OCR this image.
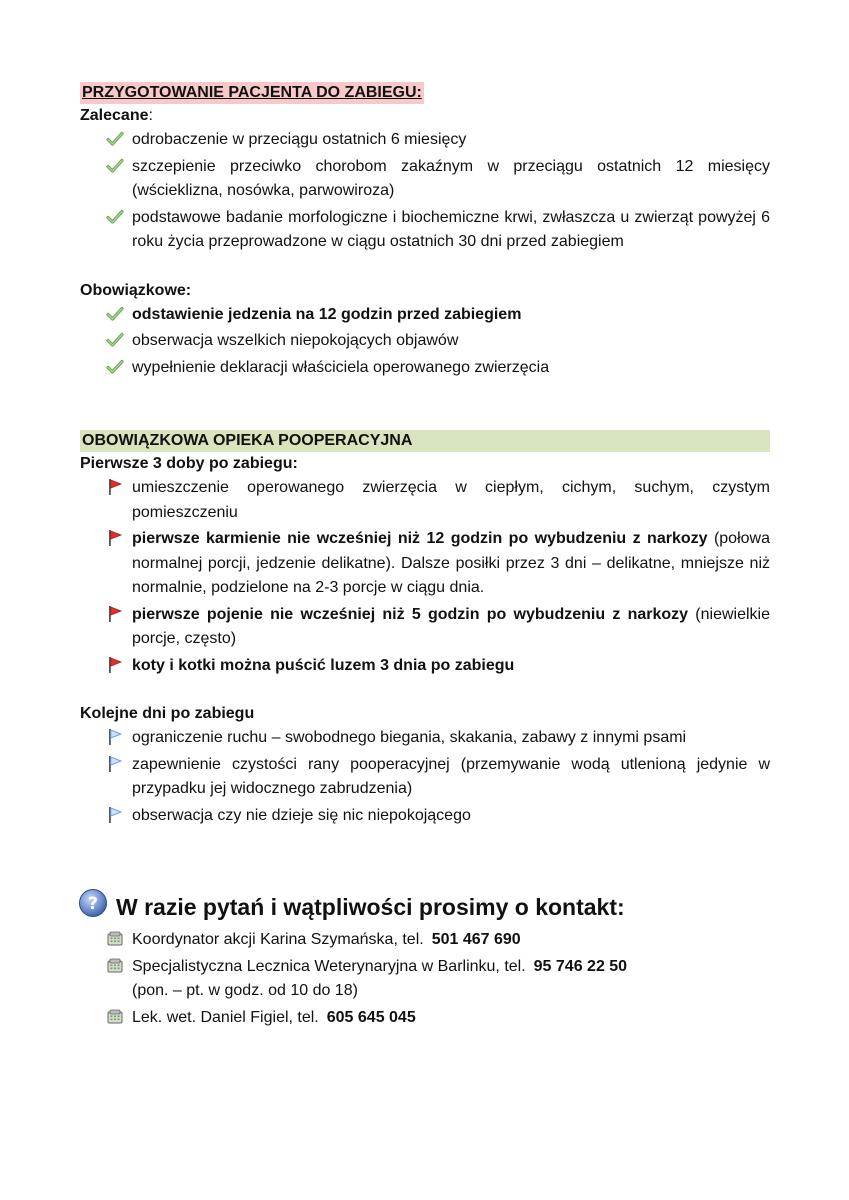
PRZYGOTOWANIE PACJENTA DO ZABIEGU:

Zalecane:

odrobaczenie w przeciągu ostatnich 6 miesięcy
szczepienie przeciwko chorobom zakaźnym w przeciągu ostatnich 12 miesięcy (wścieklizna, nosówka, parwowiroza)
podstawowe badanie morfologiczne i biochemiczne krwi, zwłaszcza u zwierząt powyżej 6 roku życia przeprowadzone w ciągu ostatnich 30 dni przed zabiegiem

Obowiązkowe:

odstawienie jedzenia na 12 godzin przed zabiegiem
obserwacja wszelkich niepokojących objawów
wypełnienie deklaracji właściciela operowanego zwierzęcia
OBOWIĄZKOWA OPIEKA POOPERACYJNA

Pierwsze 3 doby po zabiegu:

umieszczenie operowanego zwierzęcia w ciepłym, cichym, suchym, czystym pomieszczeniu
pierwsze karmienie nie wcześniej niż 12 godzin po wybudzeniu z narkozy (połowa normalnej porcji, jedzenie delikatne). Dalsze posiłki przez 3 dni – delikatne, mniejsze niż normalnie, podzielone na 2-3 porcje w ciągu dnia.
pierwsze pojenie nie wcześniej niż 5 godzin po wybudzeniu z narkozy (niewielkie porcje, często)
koty i kotki można puścić luzem 3 dnia po zabiegu

Kolejne dni po zabiegu

ograniczenie ruchu – swobodnego biegania, skakania, zabawy z innymi psami
zapewnienie czystości rany pooperacyjnej (przemywanie wodą utlenioną jedynie w przypadku jej widocznego zabrudzenia)
obserwacja czy nie dzieje się nic niepokojącego
? W razie pytań i wątpliwości prosimy o kontakt:
Koordynator akcji Karina Szymańska, tel. 501 467 690
Specjalistyczna Lecznica Weterynaryjna w Barlinku, tel. 95 746 22 50
(pon. – pt. w godz. od 10 do 18)
Lek. wet. Daniel Figiel, tel. 605 645 045
